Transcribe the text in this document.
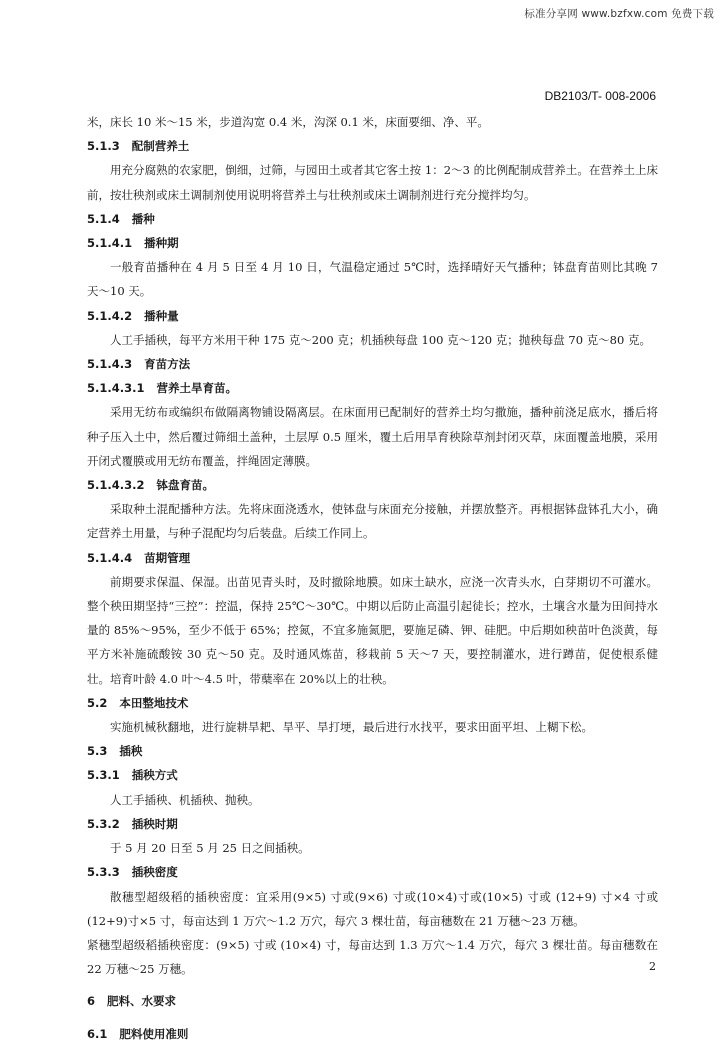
标准分享网 www.bzfxw.com 免费下载
DB2103/T- 008-2006

米，床长 10 米～15 米，步道沟宽 0.4 米，沟深 0.1 米，床面要细、净、平。

5.1.3 配制营养土

用充分腐熟的农家肥，倒细，过筛，与园田土或者其它客土按 1：2～3 的比例配制成营养土。在营养土上床前，按壮秧剂或床土调制剂使用说明将营养土与壮秧剂或床土调制剂进行充分搅拌均匀。

5.1.4 播种
5.1.4.1 播种期

一般育苗播种在 4 月 5 日至 4 月 10 日，气温稳定通过 5℃时，选择晴好天气播种；钵盘育苗则比其晚 7 天～10 天。

5.1.4.2 播种量

人工手插秧，每平方米用干种 175 克～200 克；机插秧每盘 100 克～120 克；抛秧每盘 70 克～80 克。

5.1.4.3 育苗方法
5.1.4.3.1 营养土旱育苗。

采用无纺布或编织布做隔离物铺设隔离层。在床面用已配制好的营养土均匀撒施，播种前浇足底水，播后将种子压入土中，然后覆过筛细土盖种，土层厚 0.5 厘米，覆土后用旱育秧除草剂封闭灭草，床面覆盖地膜，采用开闭式覆膜或用无纺布覆盖，拌绳固定薄膜。

5.1.4.3.2 钵盘育苗。

采取种土混配播种方法。先将床面浇透水，使钵盘与床面充分接触，并摆放整齐。再根据钵盘钵孔大小，确定营养土用量，与种子混配均匀后装盘。后续工作同上。

5.1.4.4 苗期管理

前期要求保温、保湿。出苗见青头时，及时撤除地膜。如床土缺水，应浇一次青头水，白芽期切不可灌水。整个秧田期坚持“三控”：控温，保持 25℃～30℃。中期以后防止高温引起徒长；控水，土壤含水量为田间持水量的 85%～95%，至少不低于 65%；控氮，不宜多施氮肥，要施足磷、钾、硅肥。中后期如秧苗叶色淡黄，每平方米补施硫酸铵 30 克～50 克。及时通风炼苗，移栽前 5 天～7 天，要控制灌水，进行蹲苗，促使根系健壮。培育叶龄 4.0 叶～4.5 叶，带蘖率在 20%以上的壮秧。

5.2 本田整地技术

实施机械秋翻地，进行旋耕旱耙、旱平、旱打埂，最后进行水找平，要求田面平坦、上糊下松。

5.3 插秧
5.3.1 插秧方式

人工手插秧、机插秧、抛秧。

5.3.2 插秧时期

于 5 月 20 日至 5 月 25 日之间插秧。

5.3.3 插秧密度

散穗型超级稻的插秧密度：宜采用(9×5) 寸或(9×6) 寸或(10×4)寸或(10×5) 寸或 (12+9) 寸×4 寸或(12+9)寸×5 寸，每亩达到 1 万穴～1.2 万穴，每穴 3 棵壮苗，每亩穗数在 21 万穗～23 万穗。

紧穗型超级稻插秧密度：(9×5) 寸或 (10×4) 寸，每亩达到 1.3 万穴～1.4 万穴，每穴 3 棵壮苗。每亩穗数在 22 万穗～25 万穗。

6 肥料、水要求
6.1 肥料使用准则
2
